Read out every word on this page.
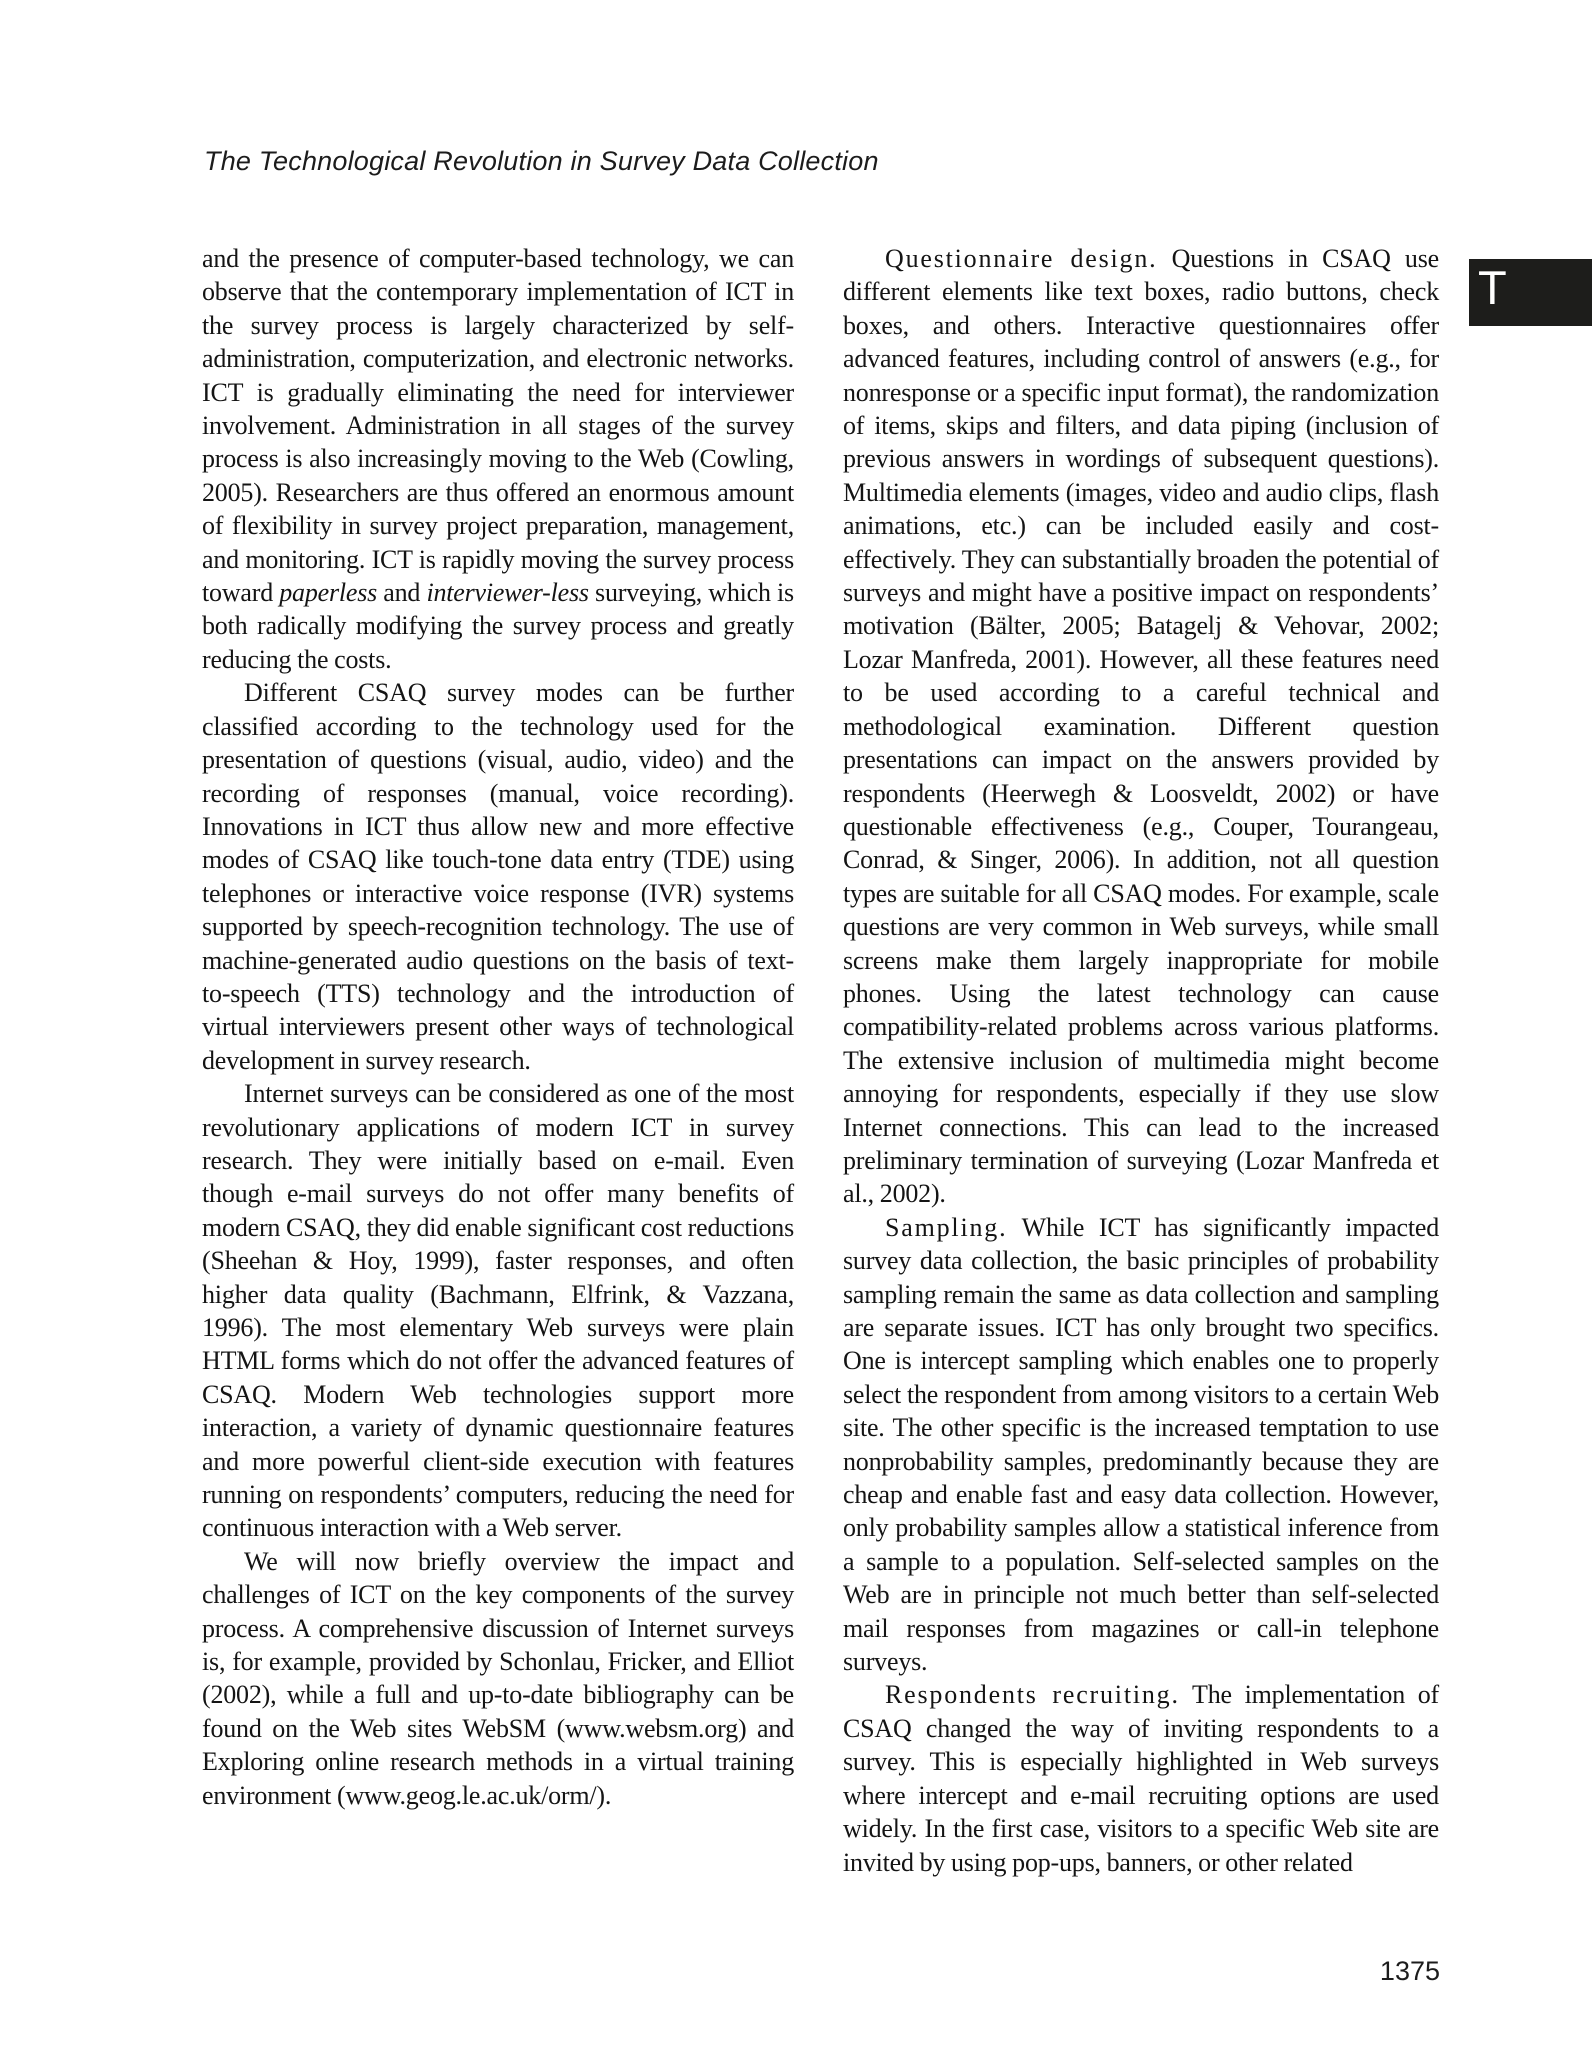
The Technological Revolution in Survey Data Collection

and the presence of computer-based technology, we can observe that the contemporary implementation of ICT in the survey process is largely characterized by self-administration, computerization, and electronic networks. ICT is gradually eliminating the need for interviewer involvement. Administration in all stages of the survey process is also increasingly moving to the Web (Cowling, 2005). Researchers are thus offered an enormous amount of flexibility in survey project preparation, management, and monitoring. ICT is rapidly moving the survey process toward paperless and interviewer-less surveying, which is both radically modifying the survey process and greatly reducing the costs.

Different CSAQ survey modes can be further classified according to the technology used for the presentation of questions (visual, audio, video) and the recording of responses (manual, voice recording). Innovations in ICT thus allow new and more effective modes of CSAQ like touch-tone data entry (TDE) using telephones or interactive voice response (IVR) systems supported by speech-recognition technology. The use of machine-generated audio questions on the basis of text-to-speech (TTS) technology and the introduction of virtual interviewers present other ways of technological development in survey research.

Internet surveys can be considered as one of the most revolutionary applications of modern ICT in survey research. They were initially based on e-mail. Even though e-mail surveys do not offer many benefits of modern CSAQ, they did enable significant cost reductions (Sheehan & Hoy, 1999), faster responses, and often higher data quality (Bachmann, Elfrink, & Vazzana, 1996). The most elementary Web surveys were plain HTML forms which do not offer the advanced features of CSAQ. Modern Web technologies support more interaction, a variety of dynamic questionnaire features and more powerful client-side execution with features running on respondents’ computers, reducing the need for continuous interaction with a Web server.

We will now briefly overview the impact and challenges of ICT on the key components of the survey process. A comprehensive discussion of Internet surveys is, for example, provided by Schonlau, Fricker, and Elliot (2002), while a full and up-to-date bibliography can be found on the Web sites WebSM (www.websm.org) and Exploring online research methods in a virtual training environment (www.geog.le.ac.uk/orm/).

Questionnaire design. Questions in CSAQ use different elements like text boxes, radio buttons, check boxes, and others. Interactive questionnaires offer advanced features, including control of answers (e.g., for nonresponse or a specific input format), the randomization of items, skips and filters, and data piping (inclusion of previous answers in wordings of subsequent questions). Multimedia elements (images, video and audio clips, flash animations, etc.) can be included easily and cost-effectively. They can substantially broaden the potential of surveys and might have a positive impact on respondents’ motivation (Bälter, 2005; Batagelj & Vehovar, 2002; Lozar Manfreda, 2001). However, all these features need to be used according to a careful technical and methodological examination. Different question presentations can impact on the answers provided by respondents (Heerwegh & Loosveldt, 2002) or have questionable effectiveness (e.g., Couper, Tourangeau, Conrad, & Singer, 2006). In addition, not all question types are suitable for all CSAQ modes. For example, scale questions are very common in Web surveys, while small screens make them largely inappropriate for mobile phones. Using the latest technology can cause compatibility-related problems across various platforms. The extensive inclusion of multimedia might become annoying for respondents, especially if they use slow Internet connections. This can lead to the increased preliminary termination of surveying (Lozar Manfreda et al., 2002).

Sampling. While ICT has significantly impacted survey data collection, the basic principles of probability sampling remain the same as data collection and sampling are separate issues. ICT has only brought two specifics. One is intercept sampling which enables one to properly select the respondent from among visitors to a certain Web site. The other specific is the increased temptation to use nonprobability samples, predominantly because they are cheap and enable fast and easy data collection. However, only probability samples allow a statistical inference from a sample to a population. Self-selected samples on the Web are in principle not much better than self-selected mail responses from magazines or call-in telephone surveys.

Respondents recruiting. The implementation of CSAQ changed the way of inviting respondents to a survey. This is especially highlighted in Web surveys where intercept and e-mail recruiting options are used widely. In the first case, visitors to a specific Web site are invited by using pop-ups, banners, or other related

T
1375
